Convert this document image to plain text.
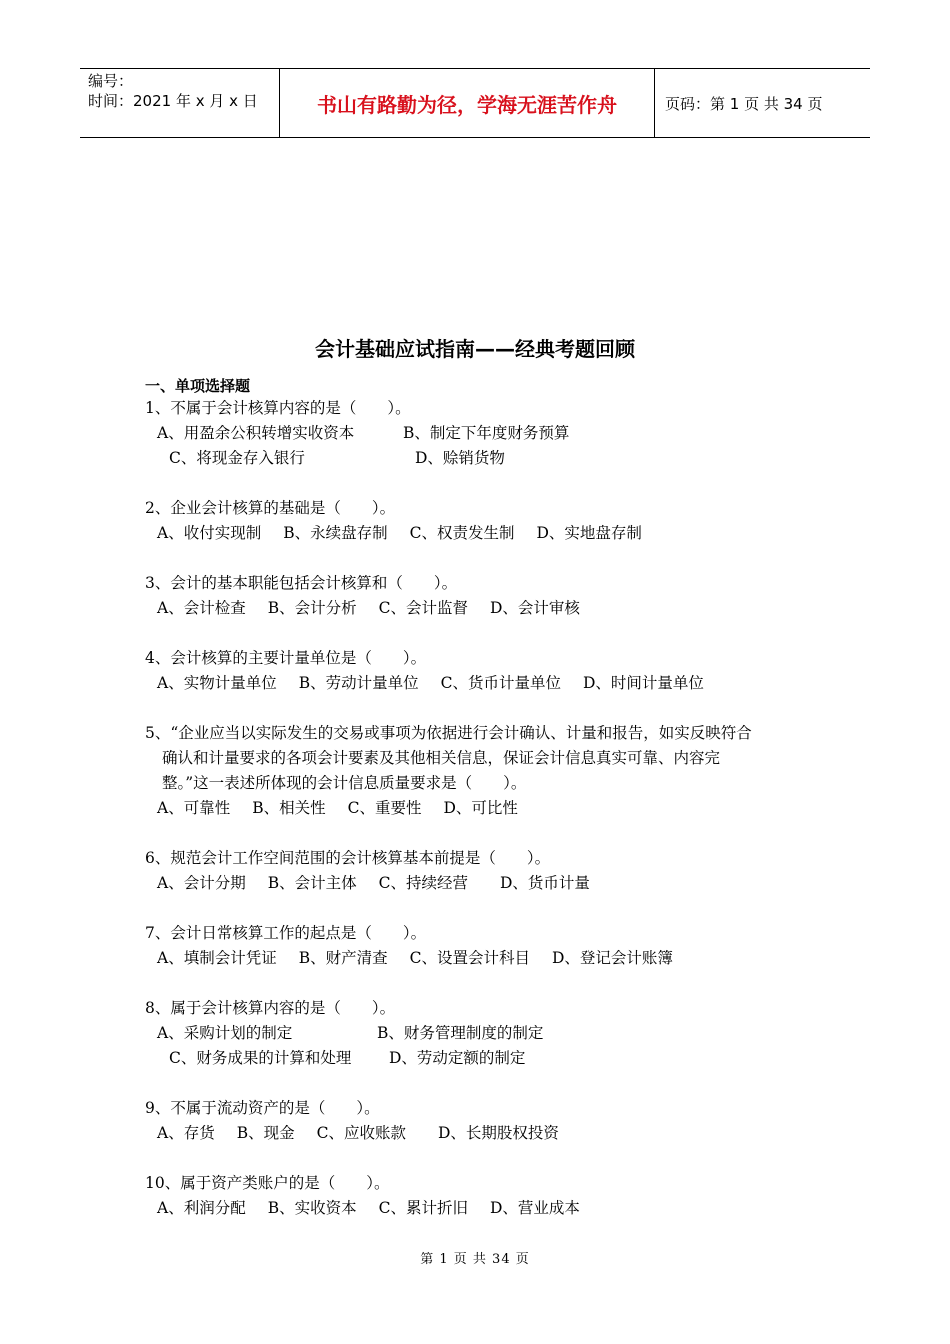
编号：
时间：2021 年 x 月 x 日	书山有路勤为径，学海无涯苦作舟	页码：第 1 页 共 34 页
会计基础应试指南——经典考题回顾
一、单项选择题
1、不属于会计核算内容的是（　　）。
A、用盈余公积转增实收资本	B、制定下年度财务预算
C、将现金存入银行	D、赊销货物
2、企业会计核算的基础是（　　）。
A、收付实现制 B、永续盘存制 C、权责发生制 D、实地盘存制
3、会计的基本职能包括会计核算和（　　）。
A、会计检查 B、会计分析 C、会计监督 D、会计审核
4、会计核算的主要计量单位是（　　）。
A、实物计量单位 B、劳动计量单位 C、货币计量单位 D、时间计量单位
5、“企业应当以实际发生的交易或事项为依据进行会计确认、计量和报告，如实反映符合
确认和计量要求的各项会计要素及其他相关信息，保证会计信息真实可靠、内容完
整。”这一表述所体现的会计信息质量要求是（　　）。
A、可靠性 B、相关性 C、重要性 D、可比性
6、规范会计工作空间范围的会计核算基本前提是（　　）。
A、会计分期 B、会计主体 C、持续经营 D、货币计量
7、会计日常核算工作的起点是（　　）。
A、填制会计凭证 B、财产清查 C、设置会计科目 D、登记会计账簿
8、属于会计核算内容的是（　　）。
A、采购计划的制定	B、财务管理制度的制定
C、财务成果的计算和处理 D、劳动定额的制定
9、不属于流动资产的是（　　）。
A、存货 B、现金 C、应收账款 D、长期股权投资
10、属于资产类账户的是（　　）。
A、利润分配 B、实收资本 C、累计折旧 D、营业成本
第 1 页 共 34 页
